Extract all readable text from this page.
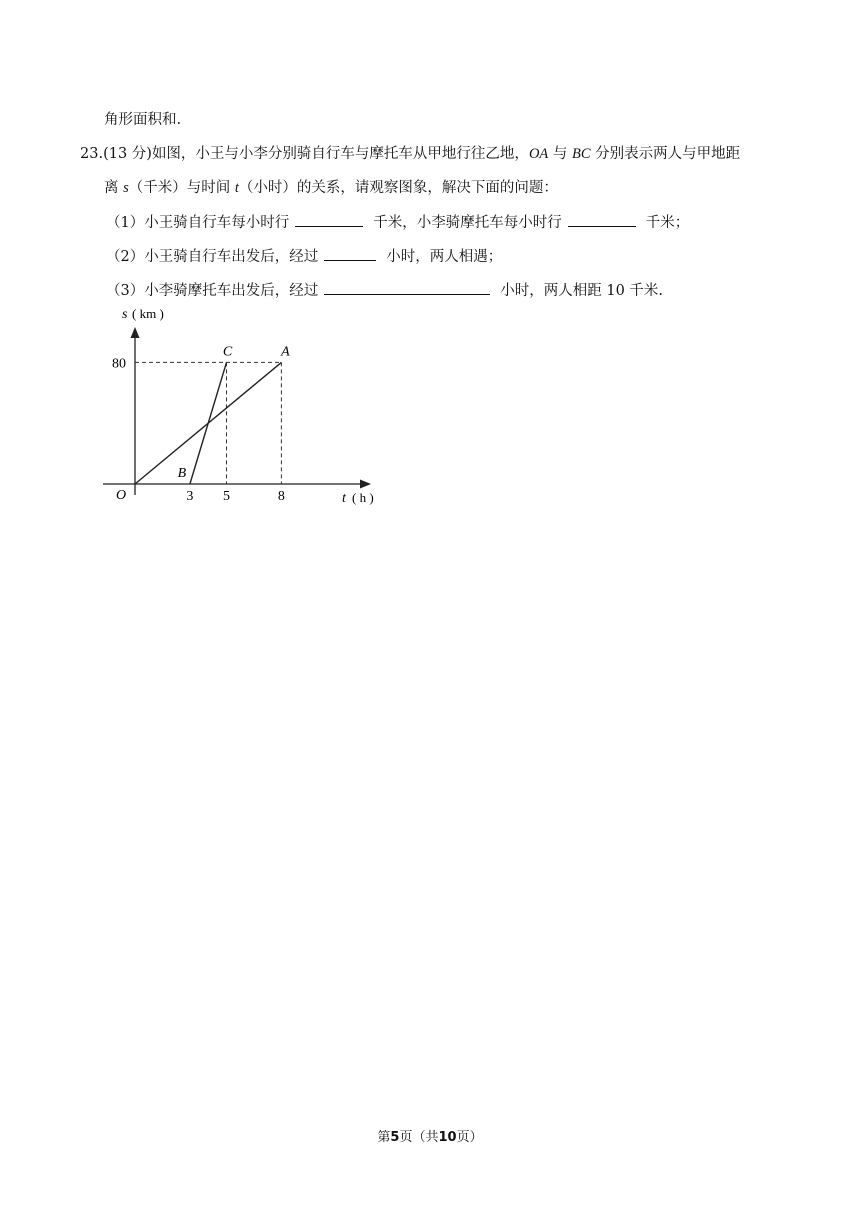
角形面积和.
23.(13 分)如图，小王与小李分别骑自行车与摩托车从甲地行往乙地，OA 与 BC 分别表示两人与甲地距
离 s（千米）与时间 t（小时）的关系，请观察图象，解决下面的问题：
（1）小王骑自行车每小时行	千米，小李骑摩托车每小时行	千米；
（2）小王骑自行车出发后，经过	小时，两人相遇；
（3）小李骑摩托车出发后，经过	小时，两人相距 10 千米.
s ( km )
t ( h )
O	3 5	8
80
A
C
B
第5页（共10页）
